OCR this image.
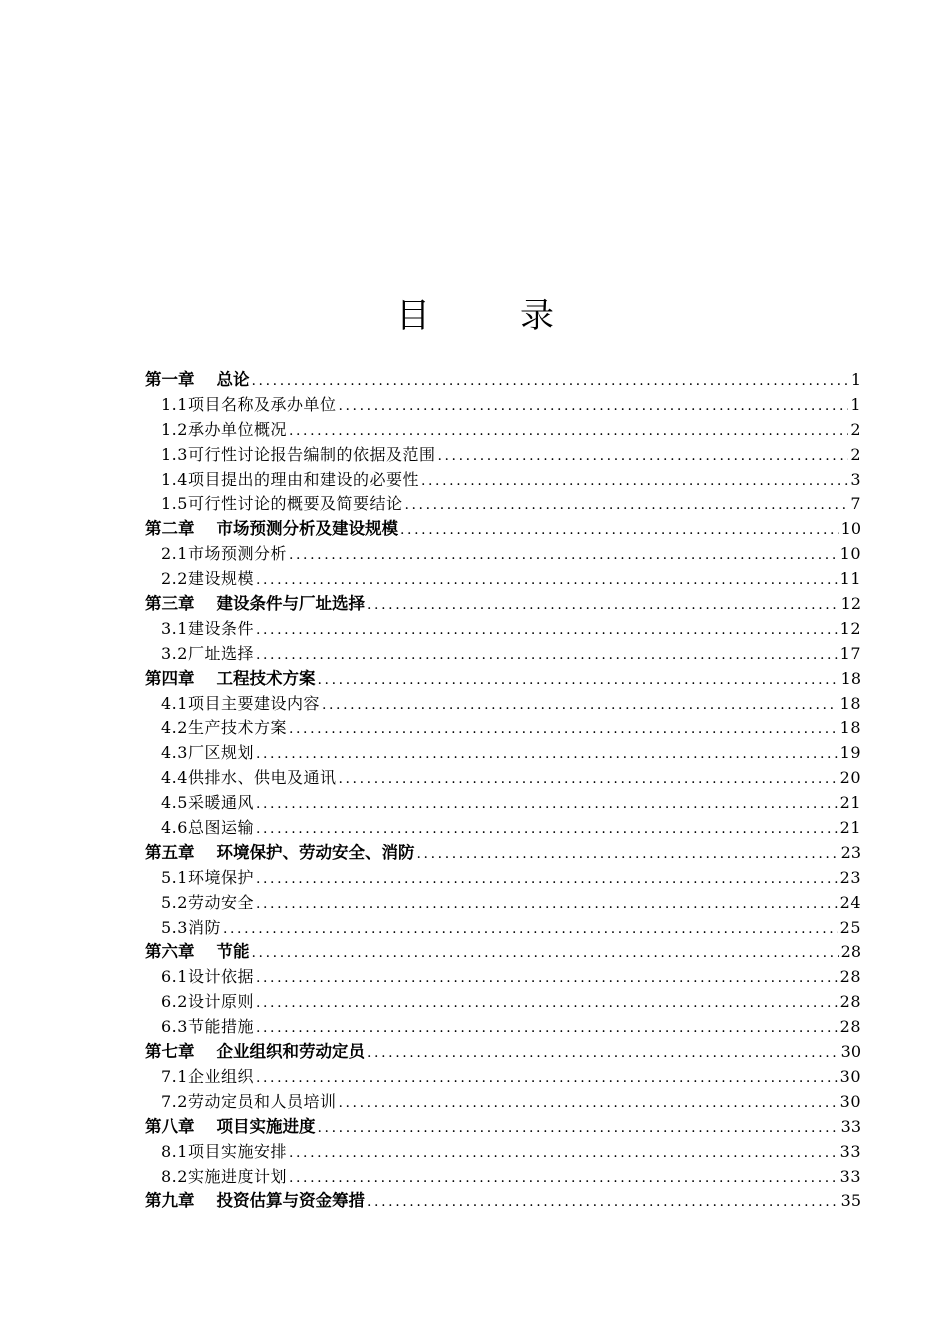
目　录
第一章 总论 .....	1
1.1项目名称及承办单位 .....	1
1.2承办单位概况 .....	2
1.3可行性讨论报告编制的依据及范围 .....	2
1.4项目提出的理由和建设的必要性 .....	3
1.5可行性讨论的概要及简要结论 .....	7
第二章 市场预测分析及建设规模 .....	10
2.1市场预测分析 .....	10
2.2建设规模 .....	11
第三章 建设条件与厂址选择 .....	12
3.1建设条件 .....	12
3.2厂址选择 .....	17
第四章 工程技术方案 .....	18
4.1项目主要建设内容 .....	18
4.2生产技术方案 .....	18
4.3厂区规划 .....	19
4.4供排水、供电及通讯 .....	20
4.5采暖通风 .....	21
4.6总图运输 .....	21
第五章 环境保护、劳动安全、消防 .....	23
5.1环境保护 .....	23
5.2劳动安全 .....	24
5.3消防 .....	25
第六章 节能 .....	28
6.1设计依据 .....	28
6.2设计原则 .....	28
6.3节能措施 .....	28
第七章 企业组织和劳动定员 .....	30
7.1企业组织 .....	30
7.2劳动定员和人员培训 .....	30
第八章 项目实施进度 .....	33
8.1项目实施安排 .....	33
8.2实施进度计划 .....	33
第九章 投资估算与资金筹措 .....	35
